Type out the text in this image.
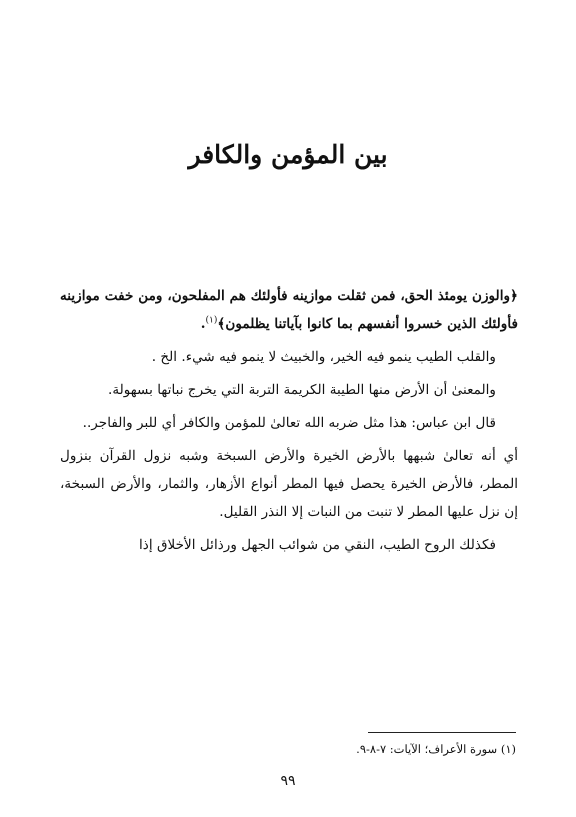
بين المؤمن والكافر

﴿والوزن يومئذ الحق، فمن ثقلت موازينه فأولئك هم المفلحون، ومن خفت موازينه فأولئك الذين خسروا أنفسهم بما كانوا بآياتنا يظلمون﴾$^{(١)}$.

والقلب الطيب ينمو فيه الخير، والخبيث لا ينمو فيه شيء. الخ .

والمعنىٰ أن الأرض منها الطيبة الكريمة التربة التي يخرج نباتها بسهولة.

قال ابن عباس: هذا مثل ضربه الله تعالىٰ للمؤمن والكافر أي للبر والفاجر..

أي أنه تعالىٰ شبهها بالأرض الخيرة والأرض السبخة وشبه نزول القرآن بنزول المطر، فالأرض الخيرة يحصل فيها المطر أنواع الأزهار، والثمار، والأرض السبخة، إن نزل عليها المطر لا تنبت من النبات إلا النذر القليل.

فكذلك الروح الطيب، النقي من شوائب الجهل ورذائل الأخلاق إذا

(١) سورة الأعراف؛ الآيات: ٧-٨-٩.
٩٩
